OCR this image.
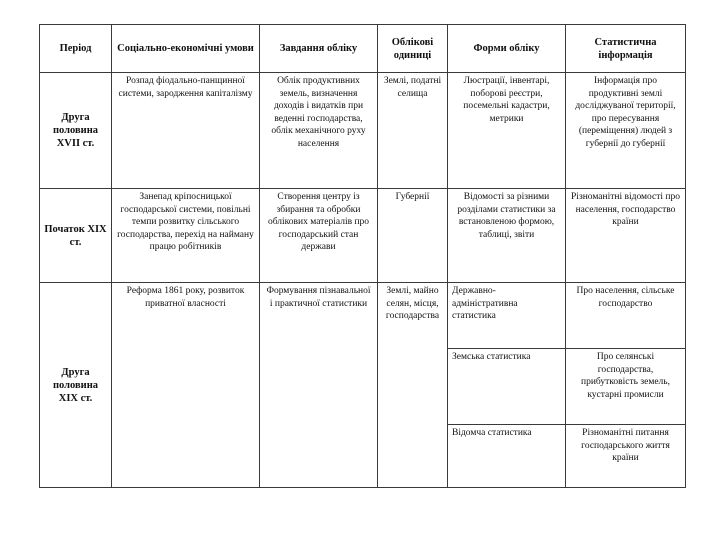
Період	Соціально-економічні умови	Завдання обліку	Облікові одиниці	Форми обліку	Статистична інформація
Друга половина XVII ст.	Розпад фіодально-панщинної системи, зародження капіталізму	Облік продуктивних земель, визначення доходів і видатків при веденні господарства, облік механічного руху населення	Землі, податні селища	Люстрації, інвентарі, поборові реєстри, посемельні кадастри, метрики	Інформація про продуктивні землі досліджуваної території, про пересування (переміщення) людей з губернії до губернії
Початок XIX ст.	Занепад кріпосницької господарської системи, повільні темпи розвитку сільського господарства, перехід на найману працю робітників	Створення центру із збирання та обробки облікових матеріалів про господарський стан держави	Губернії	Відомості за різними розділами статистики за встановленою формою, таблиці, звіти	Різноманітні відомості про населення, господарство країни
Друга половина XIX ст.	Реформа 1861 року, розвиток приватної власності	Формування пізнавальної і практичної статистики	Землі, майно селян, місця, господарства	Державно-адміністративна статистика	Про населення, сільське господарство
				Земська статистика	Про селянські господарства, прибутковість земель, кустарні промисли
				Відомча статистика	Різноманітні питання господарського життя країни
